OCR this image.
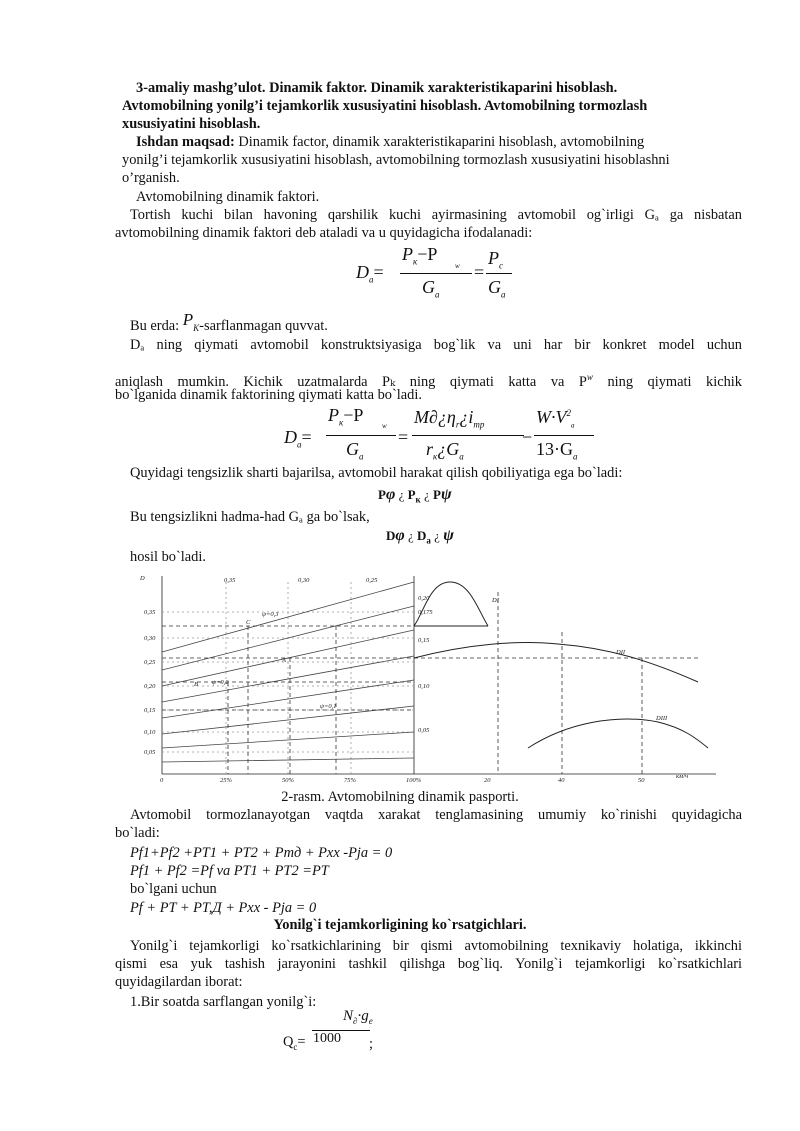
3-amaliy mashg’ulot. Dinamik faktor. Dinamik xarakteristikaparini hisoblash.
Avtomobilning yonilg’i tejamkorlik xususiyatini hisoblash. Avtomobilning tormozlash
xususiyatini hisoblash.
Ishdan maqsad: Dinamik factor, dinamik xarakteristikaparini hisoblash, avtomobilning
yonilg’i tejamkorlik xususiyatini hisoblash, avtomobilning tormozlash xususiyatini hisoblashni
o’rganish.
Avtomobilning dinamik faktori.
Tortish kuchi bilan havoning qarshilik kuchi ayirmasining avtomobil og`irligi Gₐ ga nisbatan
avtomobilning dinamik faktori deb ataladi va u quyidagicha ifodalanadi:
$D_a=$
$P_к-P$
w
$G_a$
=
$P_c$
$G_a$
Bu erda: $P_K$-sarflanmagan quvvat.
Dₐ ning qiymati avtomobil konstruktsiyasiga bog`lik va uni har bir konkret model uchun
aniqlash mumkin. Kichik uzatmalarda Pₖ ning qiymati katta va $P^w$ ning qiymati kichik
bo`lganida dinamik faktorining qiymati katta bo`ladi.
$D_a=$
$P_к-P$
w
$G_a$
=
$M\partial¿\eta_r¿i_{mp}$
$r_к¿G_a$
−
$W\cdot V^2_a$
$13\cdot G_a$
Quyidagi tengsizlik sharti bajarilsa, avtomobil harakat qilish qobiliyatiga ega bo`ladi:
Pφ ¿ $P_к$ ¿ Pψ
Bu tengsizlikni hadma-had Gₐ ga bo`lsak,
Dφ ¿ $D_a$ ¿ ψ
hosil bo`ladi.
D
0,35
0,30
0,25
0,20
0,15
0,10
0,05
0,20
0,175
0,15
0,10
0,05
0	25%	50%	75%	100%	20	40	50
км/ч
0,35	0,30	0,25
DI
DII
DIII
ψ=0,3
ψ=0,2
ψ=0,1
A
B
C
2-rasm. Avtomobilning dinamik pasporti.
Avtomobil tormozlanayotgan vaqtda xarakat tenglamasining umumiy ko`rinishi quyidagicha
bo`ladi:
Pf1+Pf2 +PT1 + PT2 + Pmд + Pxx -Pja = 0
Pf1 + Pf2 =Pf va PT1 + PT2 =PT
bo`lgani uchun
Pf + PT + PT,Д + Pxx - Pja = 0
Yonilg`i tejamkorligining ko`rsatgichlari.
Yonilg`i tejamkorligi ko`rsatkichlarining bir qismi avtomobilning texnikaviy holatiga, ikkinchi
qismi esa yuk tashish jarayonini tashkil qilishga bog`liq. Yonilg`i tejamkorligi ko`rsatkichlari
quyidagilardan iborat:
1.Bir soatda sarflangan yonilg`i:
$N_\partial\cdot g_e$
$Q_c= 1000$ ;
